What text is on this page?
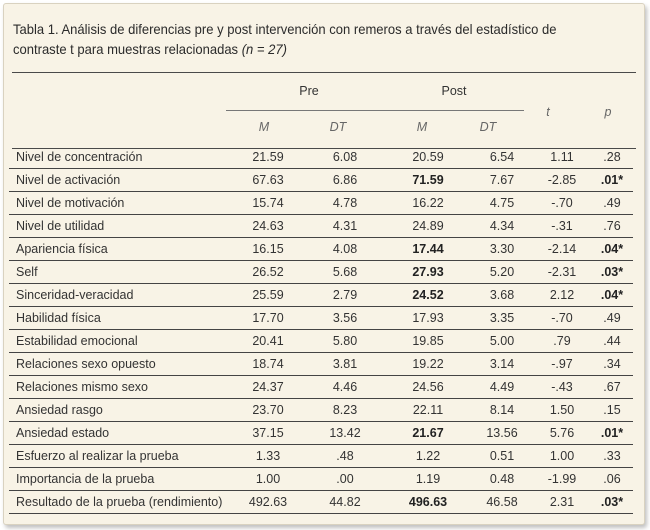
Tabla 1. Análisis de diferencias pre y post intervención con remeros a través del estadístico de contraste t para muestras relacionadas (n = 27)
Pre	Post
t	p
M	DT	M	DT
Nivel de concentración	21.59	6.08	20.59	6.54	1.11	.28
Nivel de activación	67.63	6.86	71.59	7.67	-2.85	.01*
Nivel de motivación	15.74	4.78	16.22	4.75	-.70	.49
Nivel de utilidad	24.63	4.31	24.89	4.34	-.31	.76
Apariencia física	16.15	4.08	17.44	3.30	-2.14	.04*
Self	26.52	5.68	27.93	5.20	-2.31	.03*
Sinceridad-veracidad	25.59	2.79	24.52	3.68	2.12	.04*
Habilidad física	17.70	3.56	17.93	3.35	-.70	.49
Estabilidad emocional	20.41	5.80	19.85	5.00	.79	.44
Relaciones sexo opuesto	18.74	3.81	19.22	3.14	-.97	.34
Relaciones mismo sexo	24.37	4.46	24.56	4.49	-.43	.67
Ansiedad rasgo	23.70	8.23	22.11	8.14	1.50	.15
Ansiedad estado	37.15	13.42	21.67	13.56	5.76	.01*
Esfuerzo al realizar la prueba	1.33	.48	1.22	0.51	1.00	.33
Importancia de la prueba	1.00	.00	1.19	0.48	-1.99	.06
Resultado de la prueba (rendimiento)	492.63	44.82	496.63	46.58	2.31	.03*
